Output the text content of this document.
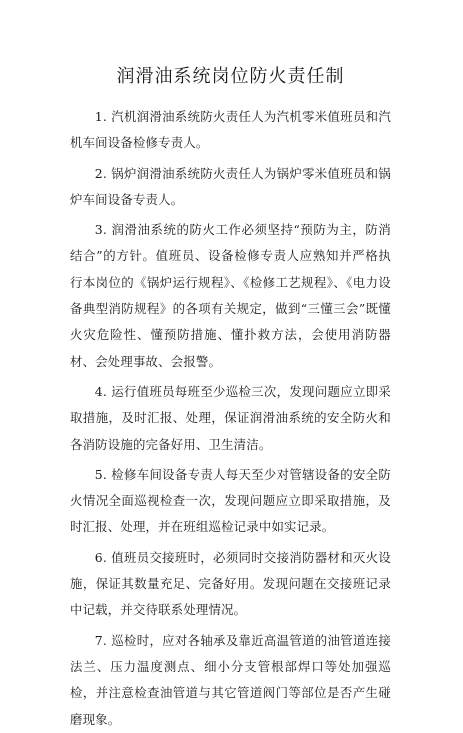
润滑油系统岗位防火责任制

1. 汽机润滑油系统防火责任人为汽机零米值班员和汽机车间设备检修专责人。

2. 锅炉润滑油系统防火责任人为锅炉零米值班员和锅炉车间设备专责人。

3. 润滑油系统的防火工作必须坚持“预防为主，防消结合”的方针。值班员、设备检修专责人应熟知并严格执行本岗位的《锅炉运行规程》、《检修工艺规程》、《电力设备典型消防规程》的各项有关规定，做到“三懂三会”既懂火灾危险性、懂预防措施、懂扑救方法，会使用消防器材、会处理事故、会报警。

4. 运行值班员每班至少巡检三次，发现问题应立即采取措施，及时汇报、处理，保证润滑油系统的安全防火和各消防设施的完备好用、卫生清洁。

5. 检修车间设备专责人每天至少对管辖设备的安全防火情况全面巡视检查一次，发现问题应立即采取措施，及时汇报、处理，并在班组巡检记录中如实记录。

6. 值班员交接班时，必须同时交接消防器材和灭火设施，保证其数量充足、完备好用。发现问题在交接班记录中记载，并交待联系处理情况。

7. 巡检时，应对各轴承及靠近高温管道的油管道连接法兰、压力温度测点、细小分支管根部焊口等处加强巡检，并注意检查油管道与其它管道阀门等部位是否产生碰磨现象。
